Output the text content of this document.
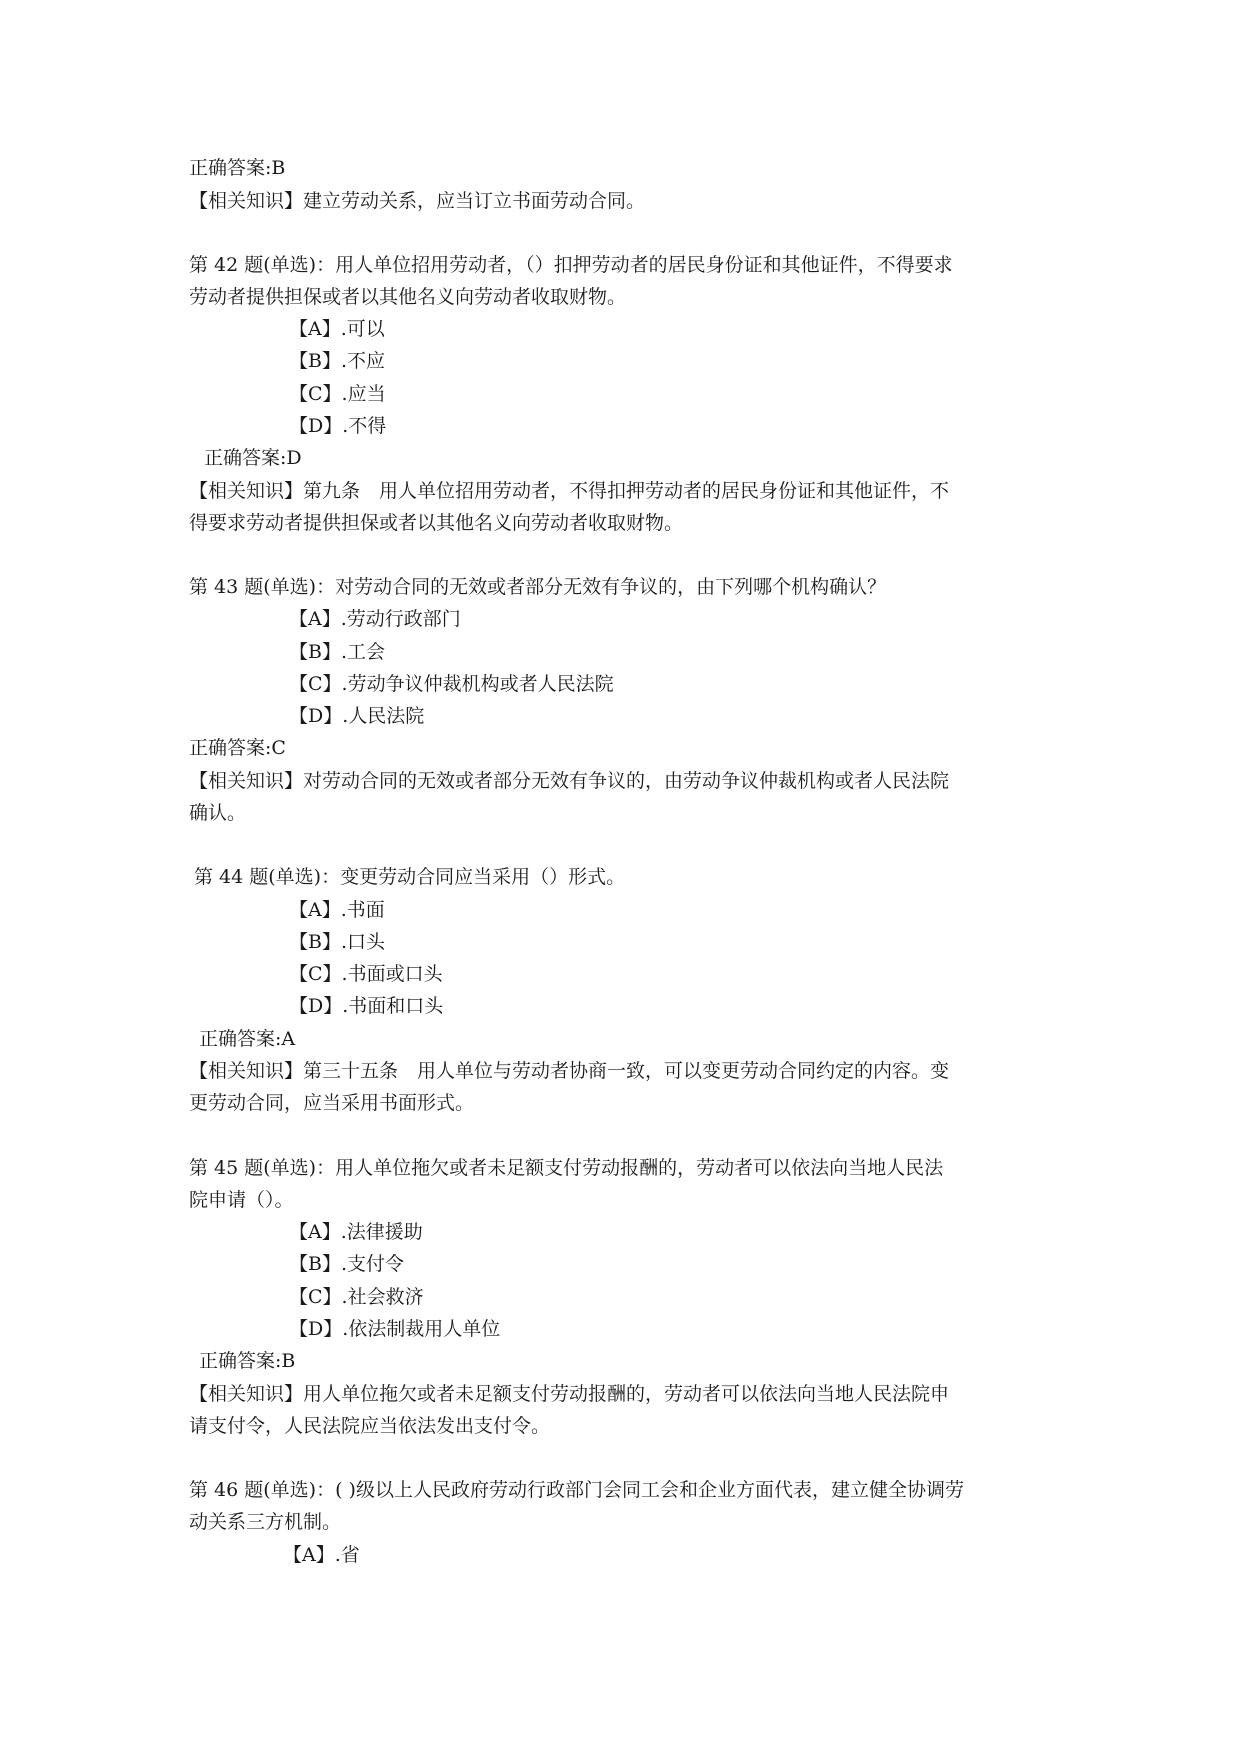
正确答案:B
【相关知识】建立劳动关系，应当订立书面劳动合同。
第 42 题(单选)：用人单位招用劳动者，（）扣押劳动者的居民身份证和其他证件，不得要求
劳动者提供担保或者以其他名义向劳动者收取财物。
【A】.可以
【B】.不应
【C】.应当
【D】.不得
正确答案:D
【相关知识】第九条　用人单位招用劳动者，不得扣押劳动者的居民身份证和其他证件，不
得要求劳动者提供担保或者以其他名义向劳动者收取财物。
第 43 题(单选)：对劳动合同的无效或者部分无效有争议的，由下列哪个机构确认？
【A】.劳动行政部门
【B】.工会
【C】.劳动争议仲裁机构或者人民法院
【D】.人民法院
正确答案:C
【相关知识】对劳动合同的无效或者部分无效有争议的，由劳动争议仲裁机构或者人民法院
确认。
第 44 题(单选)：变更劳动合同应当采用（）形式。
【A】.书面
【B】.口头
【C】.书面或口头
【D】.书面和口头
正确答案:A
【相关知识】第三十五条　用人单位与劳动者协商一致，可以变更劳动合同约定的内容。变
更劳动合同，应当采用书面形式。
第 45 题(单选)：用人单位拖欠或者未足额支付劳动报酬的，劳动者可以依法向当地人民法
院申请（）。
【A】.法律援助
【B】.支付令
【C】.社会救济
【D】.依法制裁用人单位
正确答案:B
【相关知识】用人单位拖欠或者未足额支付劳动报酬的，劳动者可以依法向当地人民法院申
请支付令，人民法院应当依法发出支付令。
第 46 题(单选)：( )级以上人民政府劳动行政部门会同工会和企业方面代表，建立健全协调劳
动关系三方机制。
【A】.省
